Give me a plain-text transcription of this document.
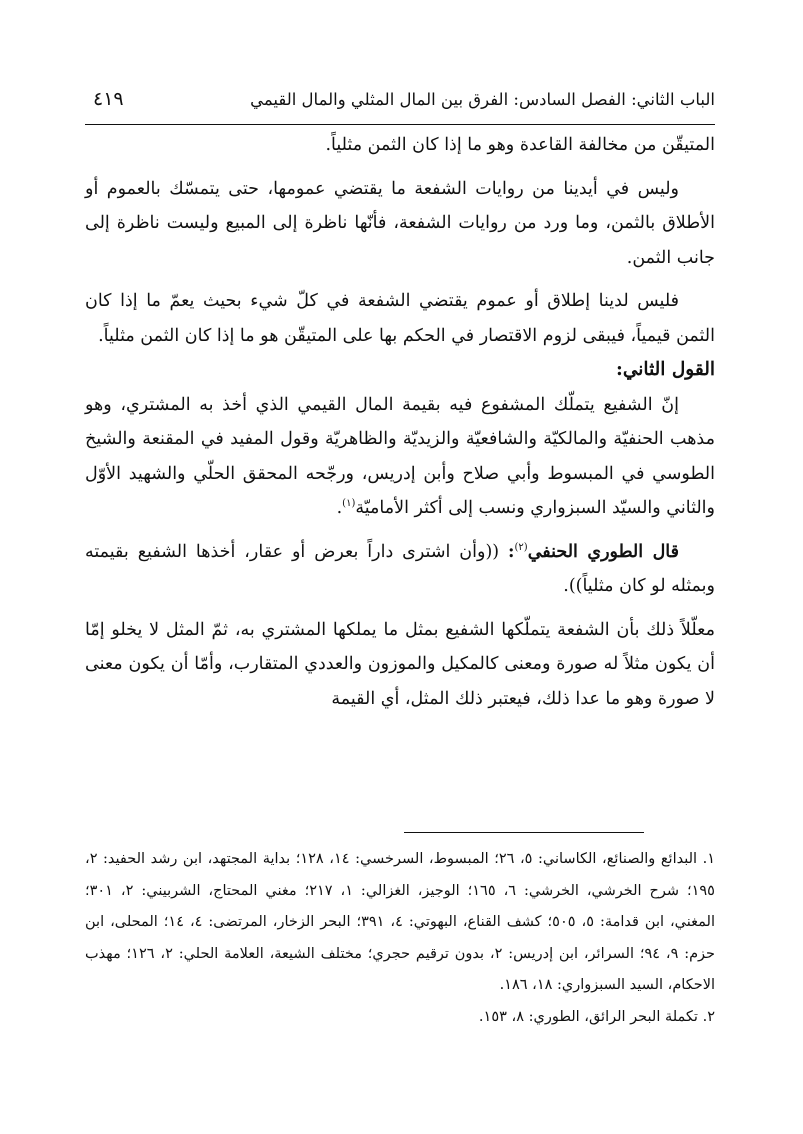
الباب الثاني: الفصل السادس: الفرق بين المال المثلي والمال القيمي
٤١٩

المتيقّن من مخالفة القاعدة وهو ما إذا كان الثمن مثلياً.

وليس في أيدينا من روايات الشفعة ما يقتضي عمومها، حتى يتمسّك بالعموم أو الأطلاق بالثمن، وما ورد من روايات الشفعة، فأنّها ناظرة إلى المبيع وليست ناظرة إلى جانب الثمن.

فليس لدينا إطلاق أو عموم يقتضي الشفعة في كلّ شيء بحيث يعمّ ما إذا كان الثمن قيمياً، فيبقى لزوم الاقتصار في الحكم بها على المتيقّن هو ما إذا كان الثمن مثلياً.

القول الثاني:

إنّ الشفيع يتملّك المشفوع فيه بقيمة المال القيمي الذي أخذ به المشتري، وهو مذهب الحنفيّة والمالكيّة والشافعيّة والزيديّة والظاهريّة وقول المفيد في المقنعة والشيخ الطوسي في المبسوط وأبي صلاح وأبن إدريس، ورجّحه المحقق الحلّي والشهيد الأوّل والثاني والسيّد السبزواري ونسب إلى أكثر الأماميّة$^{(١)}$.

قال الطوري الحنفي$^{(٢)}$: ((وأن اشترى داراً بعرض أو عقار، أخذها الشفيع بقيمته وبمثله لو كان مثلياً)).

معلّلاً ذلك بأن الشفعة يتملّكها الشفيع بمثل ما يملكها المشتري به، ثمّ المثل لا يخلو إمّا أن يكون مثلاً له صورة ومعنى كالمكيل والموزون والعددي المتقارب، وأمّا أن يكون معنى لا صورة وهو ما عدا ذلك، فيعتبر ذلك المثل، أي القيمة

١. البدائع والصنائع، الكاساني: ٥، ٢٦؛ المبسوط، السرخسي: ١٤، ١٢٨؛ بداية المجتهد، ابن رشد الحفيد: ٢، ١٩٥؛ شرح الخرشي، الخرشي: ٦، ١٦٥؛ الوجيز، الغزالي: ١، ٢١٧؛ مغني المحتاج، الشربيني: ٢، ٣٠١؛ المغني، ابن قدامة: ٥، ٥٠٥؛ كشف القناع، البهوتي: ٤، ٣٩١؛ البحر الزخار، المرتضى: ٤، ١٤؛ المحلى، ابن حزم: ٩، ٩٤؛ السرائر، ابن إدريس: ٢، بدون ترقيم حجري؛ مختلف الشيعة، العلامة الحلي: ٢، ١٢٦؛ مهذب الاحكام، السيد السبزواري: ١٨، ١٨٦.

٢. تكملة البحر الرائق، الطوري: ٨، ١٥٣.
